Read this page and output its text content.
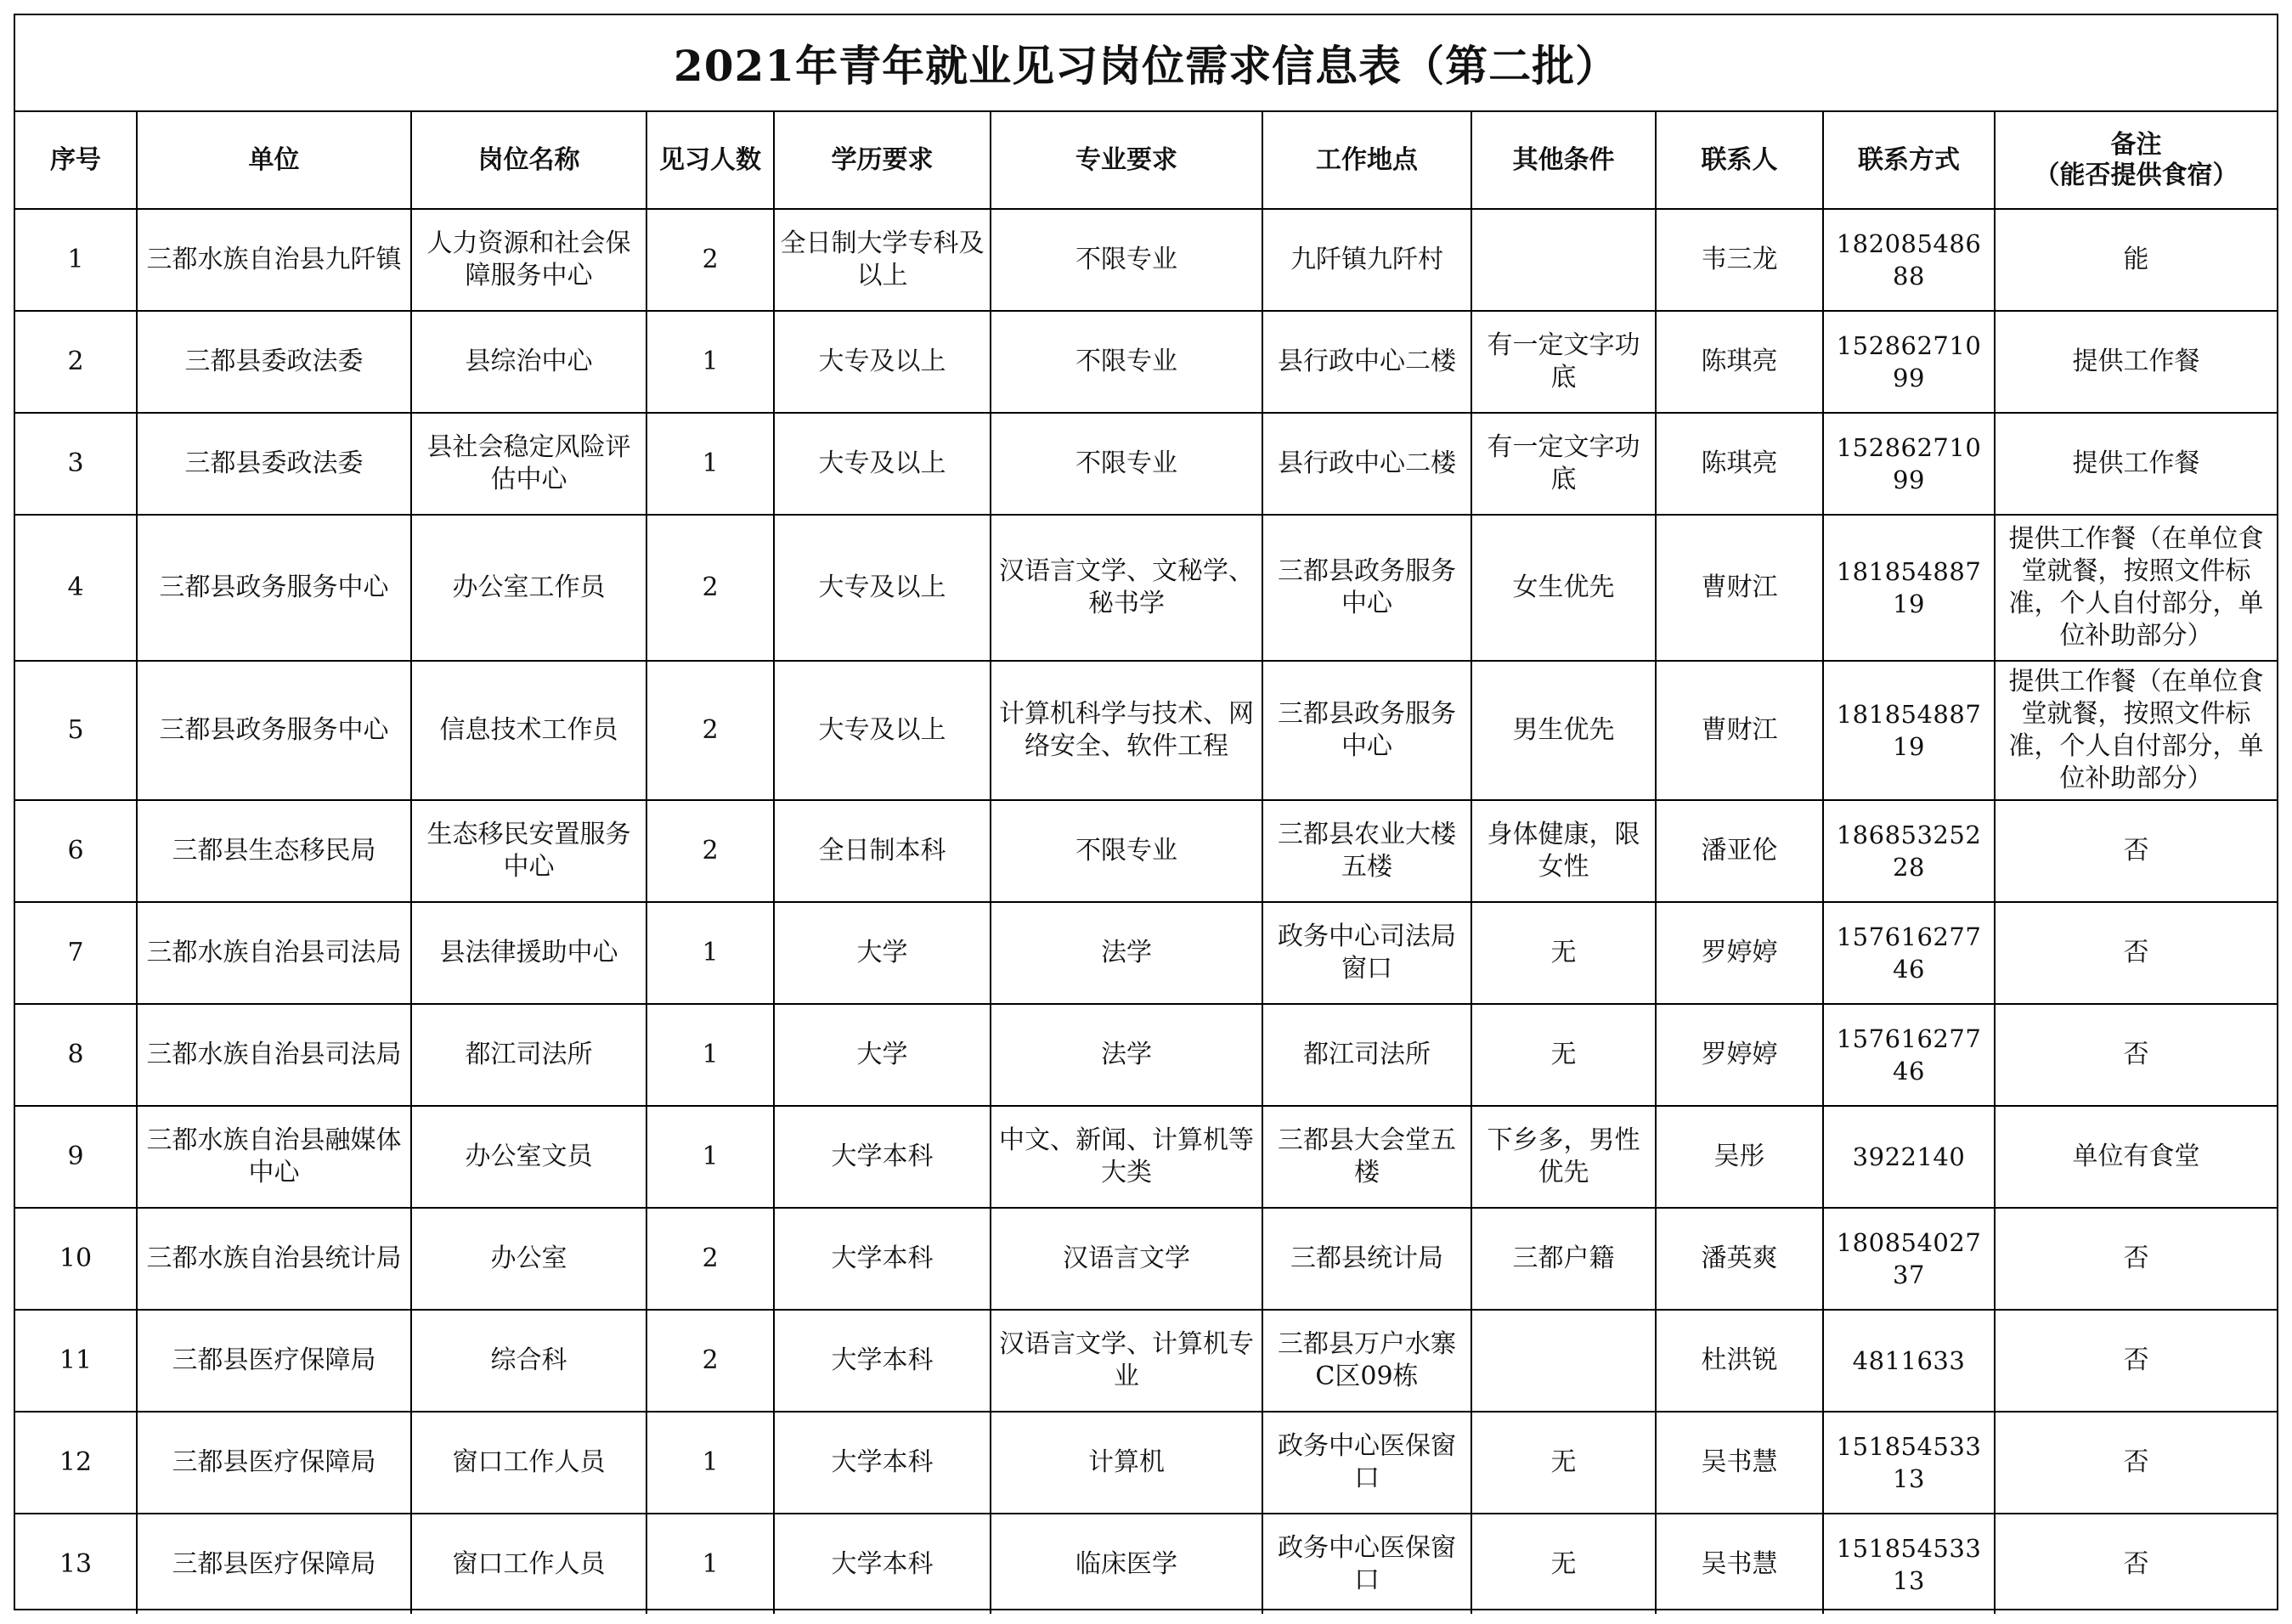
2021年青年就业见习岗位需求信息表（第二批）
序号	单位	岗位名称	见习人数	学历要求	专业要求	工作地点	其他条件	联系人	联系方式	备注
（能否提供食宿）

1	三都水族自治县九阡镇	人力资源和社会保障服务中心	2	全日制大学专科及以上	不限专业	九阡镇九阡村		韦三龙	18208548688	能
2	三都县委政法委	县综治中心	1	大专及以上	不限专业	县行政中心二楼	有一定文字功底	陈琪亮	15286271099	提供工作餐
3	三都县委政法委	县社会稳定风险评估中心	1	大专及以上	不限专业	县行政中心二楼	有一定文字功底	陈琪亮	15286271099	提供工作餐
4	三都县政务服务中心	办公室工作员	2	大专及以上	汉语言文学、文秘学、秘书学	三都县政务服务中心	女生优先	曹财江	18185488719	提供工作餐（在单位食堂就餐，按照文件标准，个人自付部分，单位补助部分）
5	三都县政务服务中心	信息技术工作员	2	大专及以上	计算机科学与技术、网络安全、软件工程	三都县政务服务中心	男生优先	曹财江	18185488719	提供工作餐（在单位食堂就餐，按照文件标准，个人自付部分，单位补助部分）
6	三都县生态移民局	生态移民安置服务中心	2	全日制本科	不限专业	三都县农业大楼五楼	身体健康，限女性	潘亚伦	18685325228	否
7	三都水族自治县司法局	县法律援助中心	1	大学	法学	政务中心司法局窗口	无	罗婷婷	15761627746	否
8	三都水族自治县司法局	都江司法所	1	大学	法学	都江司法所	无	罗婷婷	15761627746	否
9	三都水族自治县融媒体中心	办公室文员	1	大学本科	中文、新闻、计算机等大类	三都县大会堂五楼	下乡多，男性优先	吴彤	3922140	单位有食堂
10	三都水族自治县统计局	办公室	2	大学本科	汉语言文学	三都县统计局	三都户籍	潘英爽	18085402737	否
11	三都县医疗保障局	综合科	2	大学本科	汉语言文学、计算机专业	三都县万户水寨C区09栋		杜洪锐	4811633	否
12	三都县医疗保障局	窗口工作人员	1	大学本科	计算机	政务中心医保窗口	无	吴书慧	15185453313	否
13	三都县医疗保障局	窗口工作人员	1	大学本科	临床医学	政务中心医保窗口	无	吴书慧	15185453313	否
